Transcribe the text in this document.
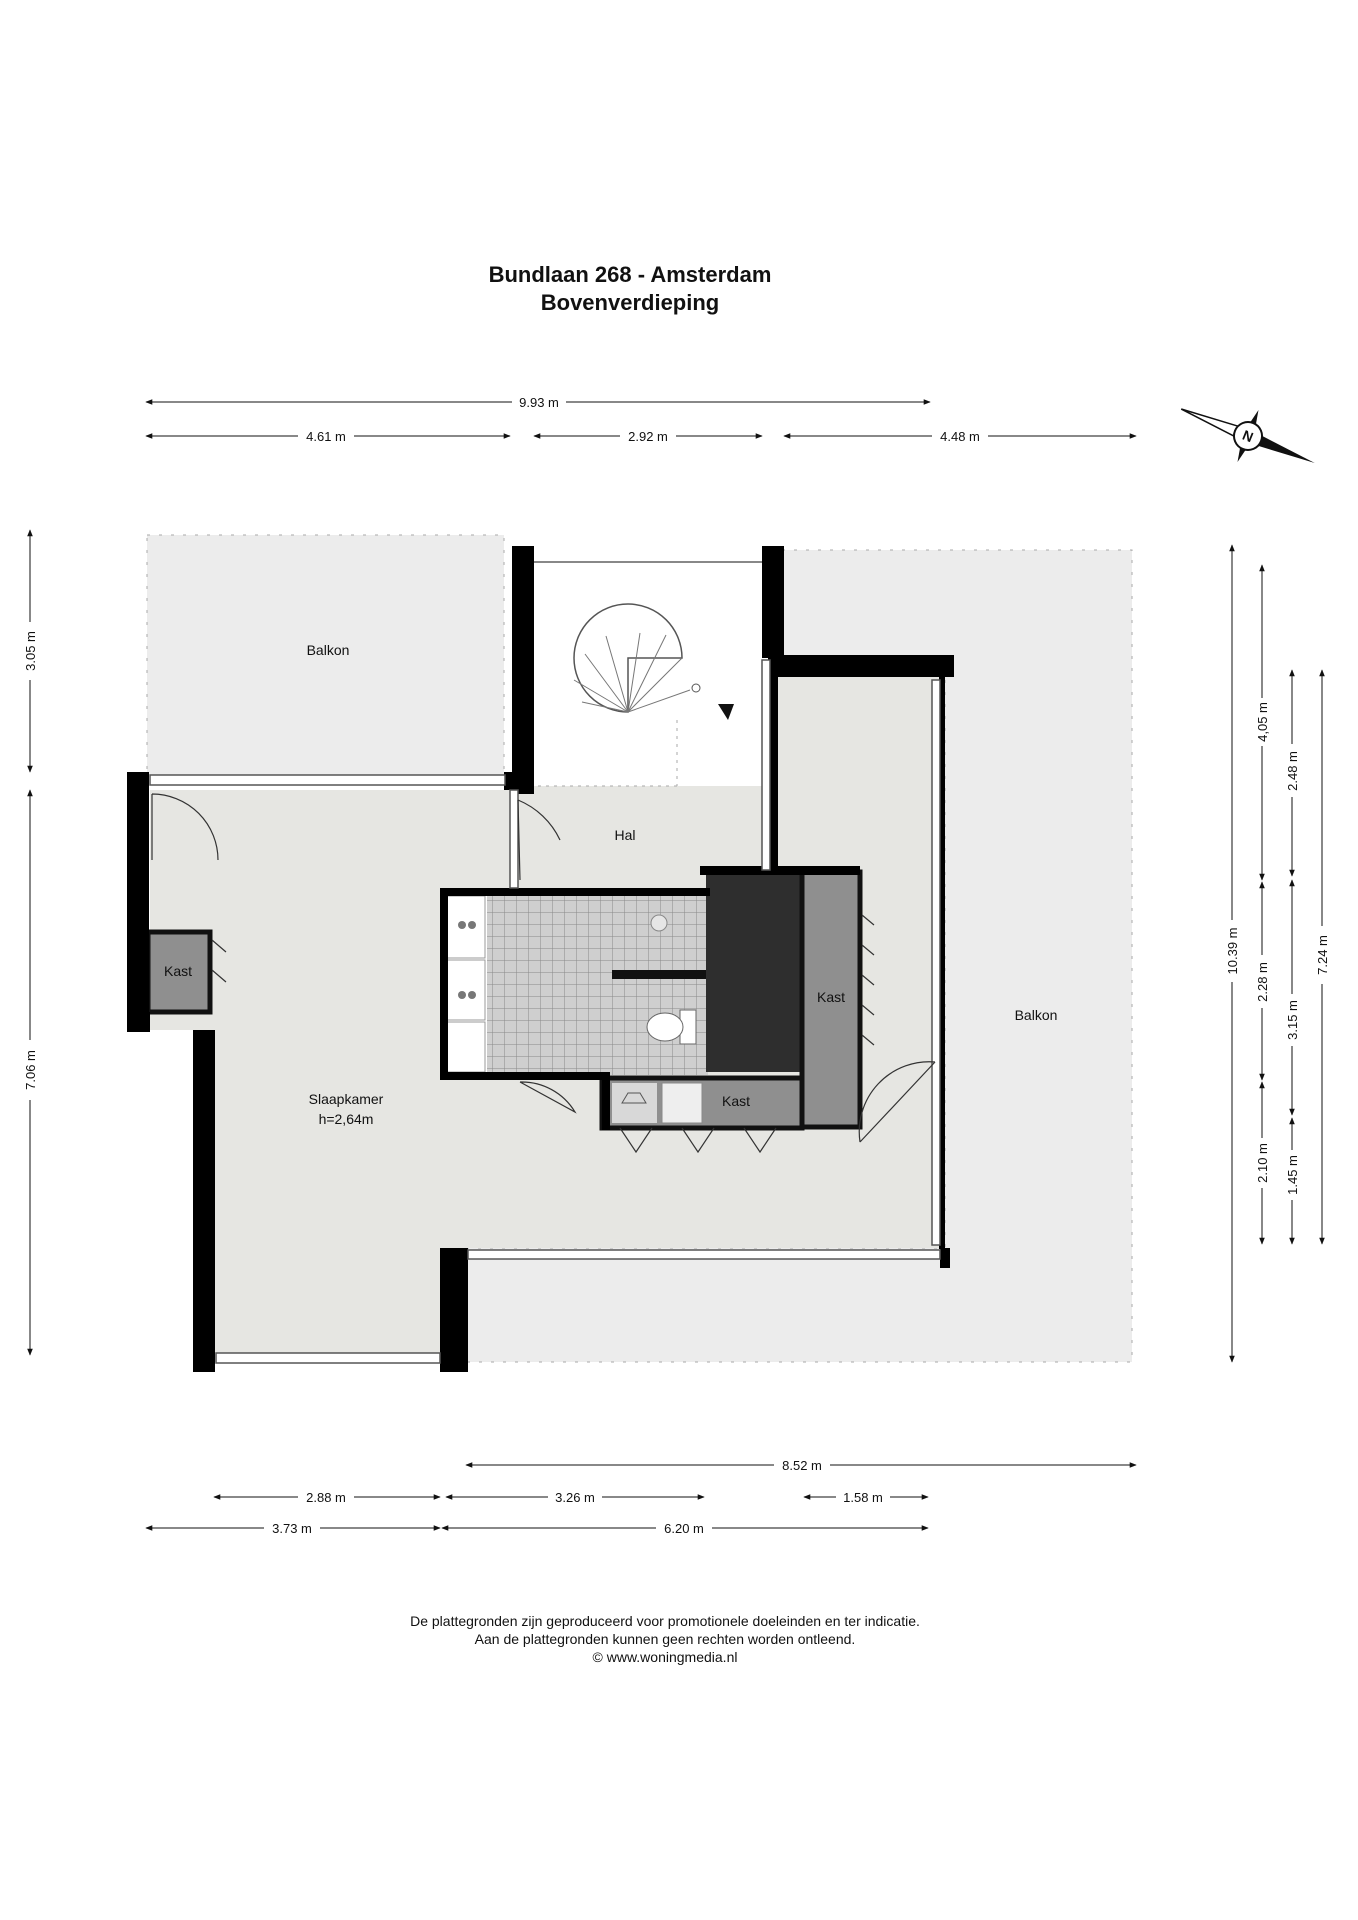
Bundlaan 268 - Amsterdam
Bovenverdieping
Balkon
Balkon
Hal
Kast
Kast
Kast
Slaapkamer
h=2,64m
9.93 m
4.61 m	2.92 m	4.48 m
8.52 m
2.88 m	3.26 m	1.58 m
3.73 m	6.20 m
3.05 m
7.06 m
10.39 m
4,05 m
2.28 m
2.10 m
2.48 m
3.15 m
1.45 m
7.24 m
N
De plattegronden zijn geproduceerd voor promotionele doeleinden en ter indicatie.
Aan de plattegronden kunnen geen rechten worden ontleend.
© www.woningmedia.nl
